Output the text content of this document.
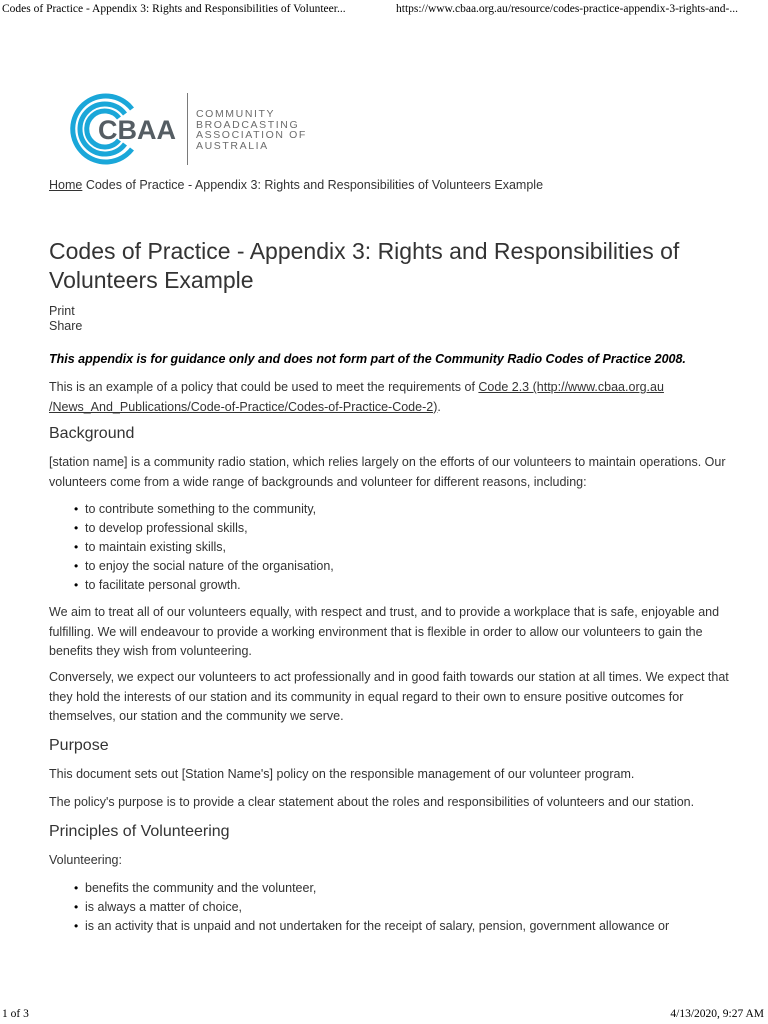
Codes of Practice - Appendix 3: Rights and Responsibilities of Volunteer...	https://www.cbaa.org.au/resource/codes-practice-appendix-3-rights-and-...
CBAA
COMMUNITY
BROADCASTING
ASSOCIATION OF
AUSTRALIA
Home Codes of Practice - Appendix 3: Rights and Responsibilities of Volunteers Example
Codes of Practice - Appendix 3: Rights and Responsibilities of Volunteers Example
Print
Share

This appendix is for guidance only and does not form part of the Community Radio Codes of Practice 2008.

This is an example of a policy that could be used to meet the requirements of Code 2.3 (http://www.cbaa.org.au /News_And_Publications/Code-of-Practice/Codes-of-Practice-Code-2).

Background

[station name] is a community radio station, which relies largely on the efforts of our volunteers to maintain operations. Our volunteers come from a wide range of backgrounds and volunteer for different reasons, including:

• to contribute something to the community,
• to develop professional skills,
• to maintain existing skills,
• to enjoy the social nature of the organisation,
• to facilitate personal growth.

We aim to treat all of our volunteers equally, with respect and trust, and to provide a workplace that is safe, enjoyable and fulfilling. We will endeavour to provide a working environment that is flexible in order to allow our volunteers to gain the benefits they wish from volunteering.

Conversely, we expect our volunteers to act professionally and in good faith towards our station at all times. We expect that they hold the interests of our station and its community in equal regard to their own to ensure positive outcomes for themselves, our station and the community we serve.

Purpose

This document sets out [Station Name's] policy on the responsible management of our volunteer program.

The policy's purpose is to provide a clear statement about the roles and responsibilities of volunteers and our station.

Principles of Volunteering

Volunteering:

• benefits the community and the volunteer,
• is always a matter of choice,
• is an activity that is unpaid and not undertaken for the receipt of salary, pension, government allowance or
1 of 3	4/13/2020, 9:27 AM
